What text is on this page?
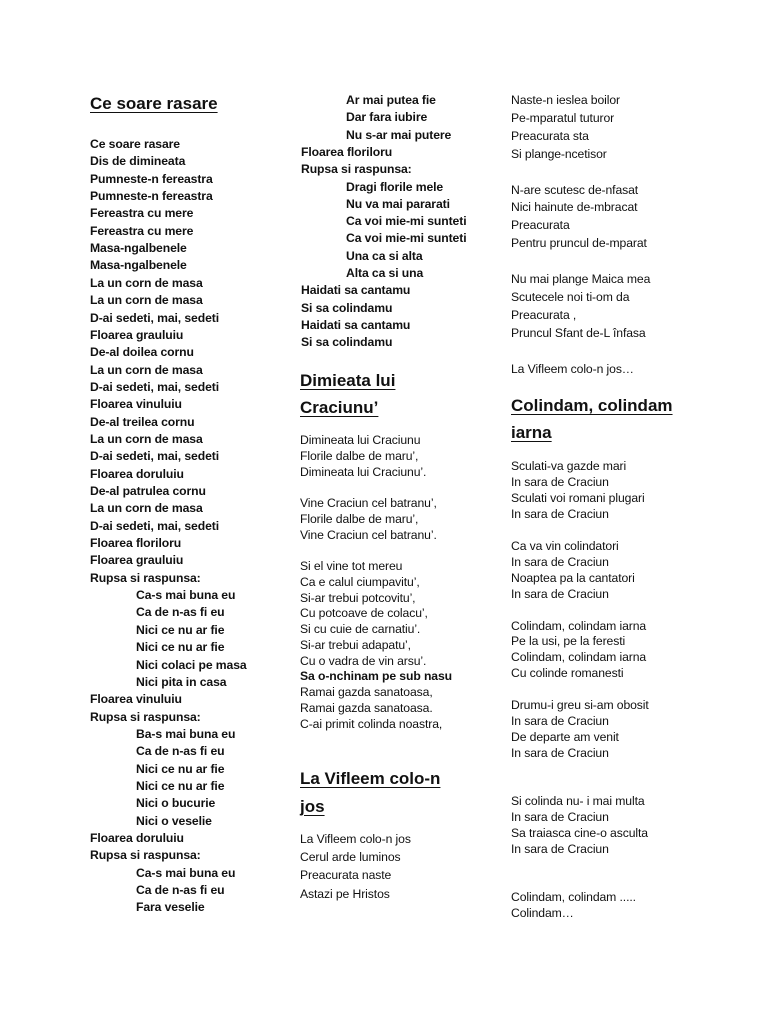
Ce soare rasare
Ce soare rasare
Dis de dimineata
Pumneste-n fereastra
Pumneste-n fereastra
Fereastra cu mere
Fereastra cu mere
Masa-ngalbenele
Masa-ngalbenele
La un corn de masa
La un corn de masa
D-ai sedeti, mai, sedeti
Floarea grauluiu
De-al doilea cornu
La un corn de masa
D-ai sedeti, mai, sedeti
Floarea vinuluiu
De-al treilea cornu
La un corn de masa
D-ai sedeti, mai, sedeti
Floarea doruluiu
De-al patrulea cornu
La un corn de masa
D-ai sedeti, mai, sedeti
Floarea floriloru
Floarea grauluiu
Rupsa si raspunsa:
Ca-s mai buna eu
Ca de n-as fi eu
Nici ce nu ar fie
Nici ce nu ar fie
Nici colaci pe masa
Nici pita in casa
Floarea vinuluiu
Rupsa si raspunsa:
Ba-s mai buna eu
Ca de n-as fi eu
Nici ce nu ar fie
Nici ce nu ar fie
Nici o bucurie
Nici o veselie
Floarea doruluiu
Rupsa si raspunsa:
Ca-s mai buna eu
Ca de n-as fi eu
Fara veselie
Ar mai putea fie
Dar fara iubire
Nu s-ar mai putere
Floarea floriloru
Rupsa si raspunsa:
Dragi florile mele
Nu va mai pararati
Ca voi mie-mi sunteti
Ca voi mie-mi sunteti
Una ca si alta
Alta ca si una
Haidati sa cantamu
Si sa colindamu
Haidati sa cantamu
Si sa colindamu
Dimieata lui
Craciunu’
Dimineata lui Craciunu
Florile dalbe de maru’,
Dimineata lui Craciunu’.
Vine Craciun cel batranu’,
Florile dalbe de maru’,
Vine Craciun cel batranu’.
Si el vine tot mereu
Ca e calul ciumpavitu’,
Si-ar trebui potcovitu’,
Cu potcoave de colacu’,
Si cu cuie de carnatiu’.
Si-ar trebui adapatu’,
Cu o vadra de vin arsu’.
Sa o-nchinam pe sub nasu
Ramai gazda sanatoasa,
Ramai gazda sanatoasa.
C-ai primit colinda noastra,
La Vifleem colo-n
jos
La Vifleem colo-n jos
Cerul arde luminos
Preacurata naste
Astazi pe Hristos
Naste-n ieslea boilor
Pe-mparatul tuturor
Preacurata sta
Si plange-ncetisor
N-are scutesc de-nfasat
Nici hainute de-mbracat
Preacurata
Pentru pruncul de-mparat
Nu mai plange Maica mea
Scutecele noi ti-om da
Preacurata ,
Pruncul Sfant de-L înfasa
La Vifleem colo-n jos…
Colindam, colindam
iarna
Sculati-va gazde mari
In sara de Craciun
Sculati voi romani plugari
In sara de Craciun
Ca va vin colindatori
In sara de Craciun
Noaptea pa la cantatori
In sara de Craciun
Colindam, colindam iarna
Pe la usi, pe la feresti
Colindam, colindam iarna
Cu colinde romanesti
Drumu-i greu si-am obosit
In sara de Craciun
De departe am venit
In sara de Craciun
Si colinda nu- i mai multa
In sara de Craciun
Sa traiasca cine-o asculta
In sara de Craciun
Colindam, colindam .....
Colindam…
